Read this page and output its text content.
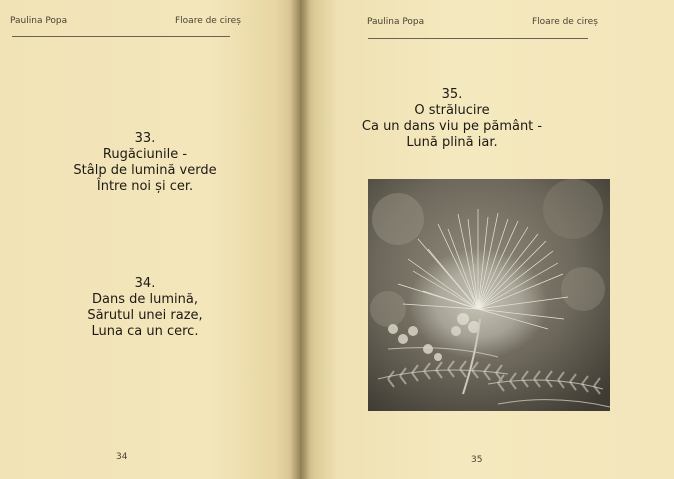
Paulina Popa	Floare de cireș
33.
Rugăciunile -
Stâlp de lumină verde
Între noi și cer.
34.
Dans de lumină,
Sărutul unei raze,
Luna ca un cerc.
34
Paulina Popa	Floare de cireș
35.
O strălucire
Ca un dans viu pe pământ -
Lună plină iar.
35
